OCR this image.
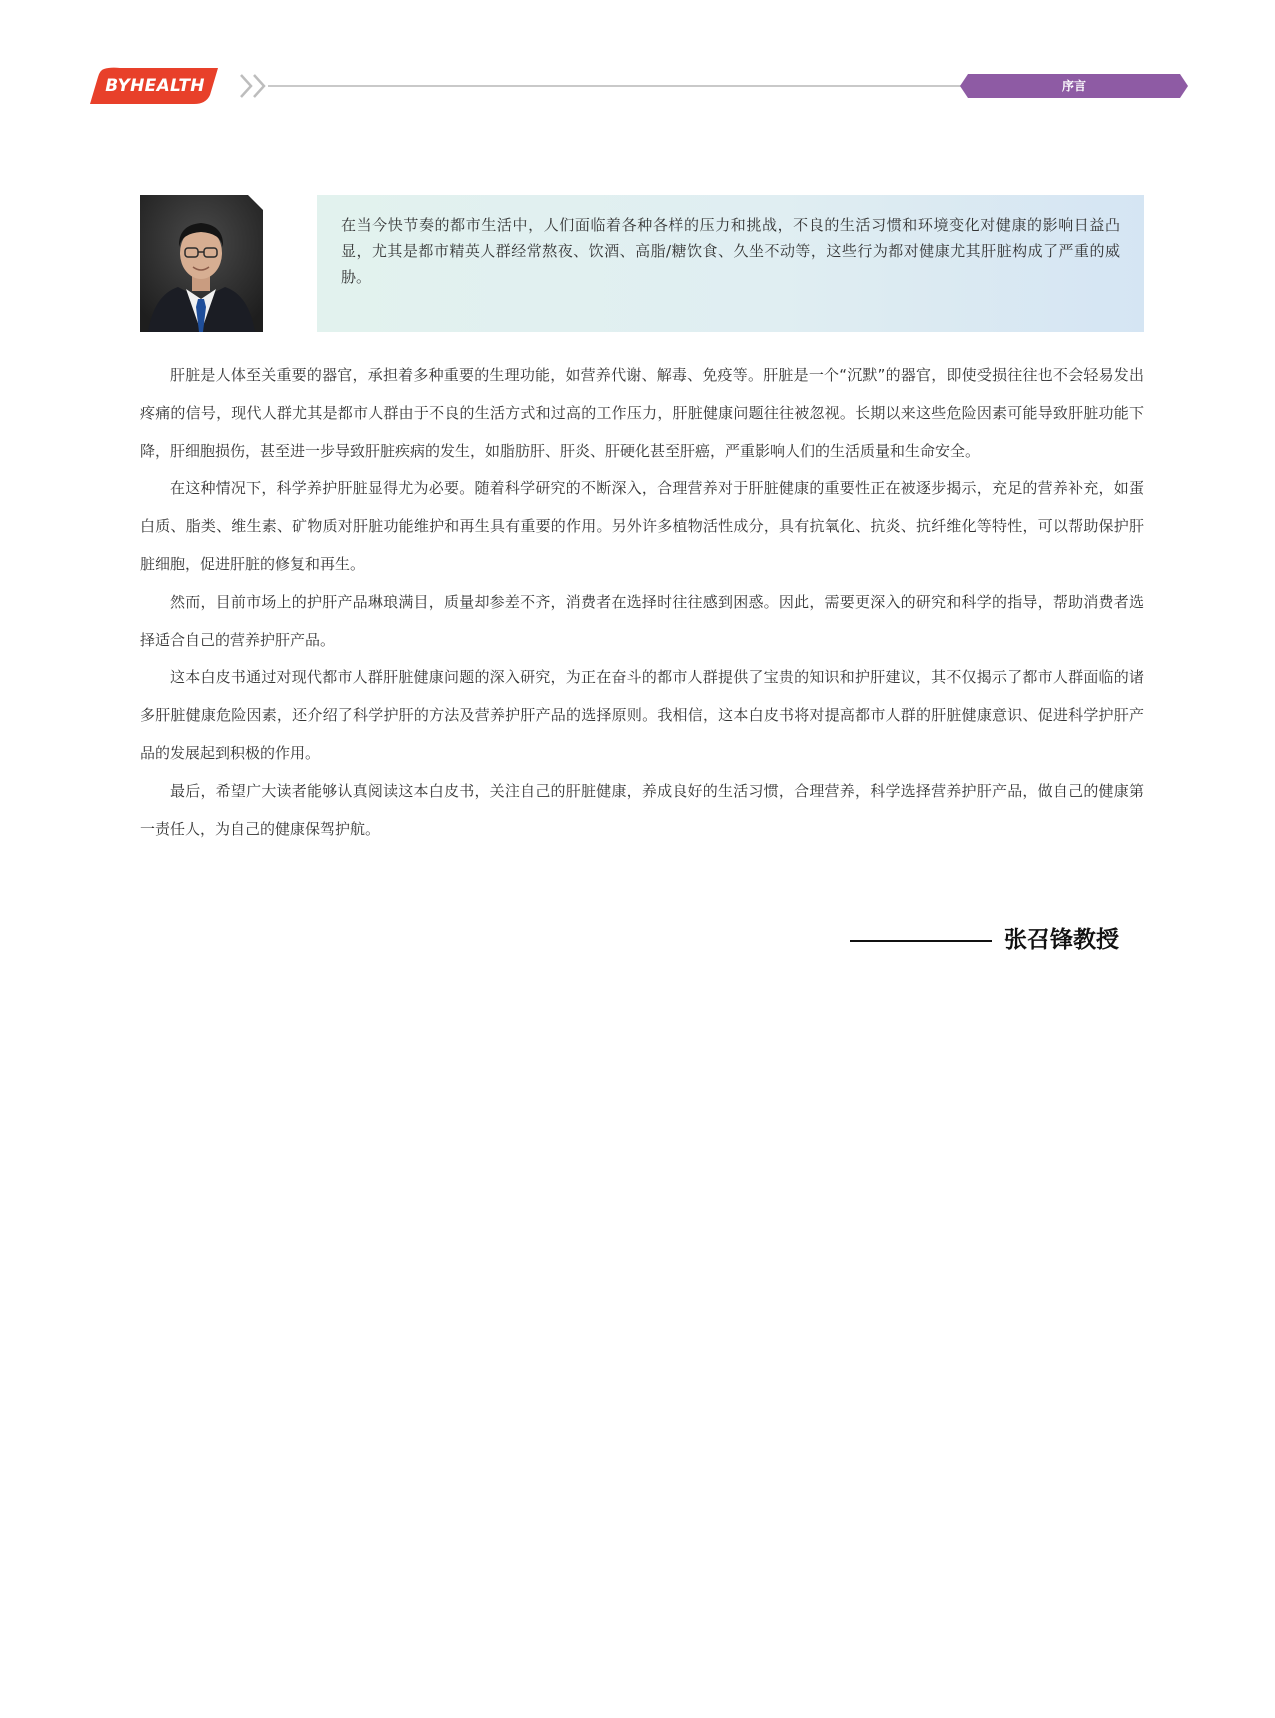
BYHEALTH	序言

在当今快节奏的都市生活中，人们面临着各种各样的压力和挑战，不良的生活习惯和环境变化对健康的影响日益凸显，尤其是都市精英人群经常熬夜、饮酒、高脂/糖饮食、久坐不动等，这些行为都对健康尤其肝脏构成了严重的威胁。

肝脏是人体至关重要的器官，承担着多种重要的生理功能，如营养代谢、解毒、免疫等。肝脏是一个“沉默”的器官，即使受损往往也不会轻易发出疼痛的信号，现代人群尤其是都市人群由于不良的生活方式和过高的工作压力，肝脏健康问题往往被忽视。长期以来这些危险因素可能导致肝脏功能下降，肝细胞损伤，甚至进一步导致肝脏疾病的发生，如脂肪肝、肝炎、肝硬化甚至肝癌，严重影响人们的生活质量和生命安全。

在这种情况下，科学养护肝脏显得尤为必要。随着科学研究的不断深入，合理营养对于肝脏健康的重要性正在被逐步揭示，充足的营养补充，如蛋白质、脂类、维生素、矿物质对肝脏功能维护和再生具有重要的作用。另外许多植物活性成分，具有抗氧化、抗炎、抗纤维化等特性，可以帮助保护肝脏细胞，促进肝脏的修复和再生。

然而，目前市场上的护肝产品琳琅满目，质量却参差不齐，消费者在选择时往往感到困惑。因此，需要更深入的研究和科学的指导，帮助消费者选择适合自己的营养护肝产品。

这本白皮书通过对现代都市人群肝脏健康问题的深入研究，为正在奋斗的都市人群提供了宝贵的知识和护肝建议，其不仅揭示了都市人群面临的诸多肝脏健康危险因素，还介绍了科学护肝的方法及营养护肝产品的选择原则。我相信，这本白皮书将对提高都市人群的肝脏健康意识、促进科学护肝产品的发展起到积极的作用。

最后，希望广大读者能够认真阅读这本白皮书，关注自己的肝脏健康，养成良好的生活习惯，合理营养，科学选择营养护肝产品，做自己的健康第一责任人，为自己的健康保驾护航。

张召锋教授
